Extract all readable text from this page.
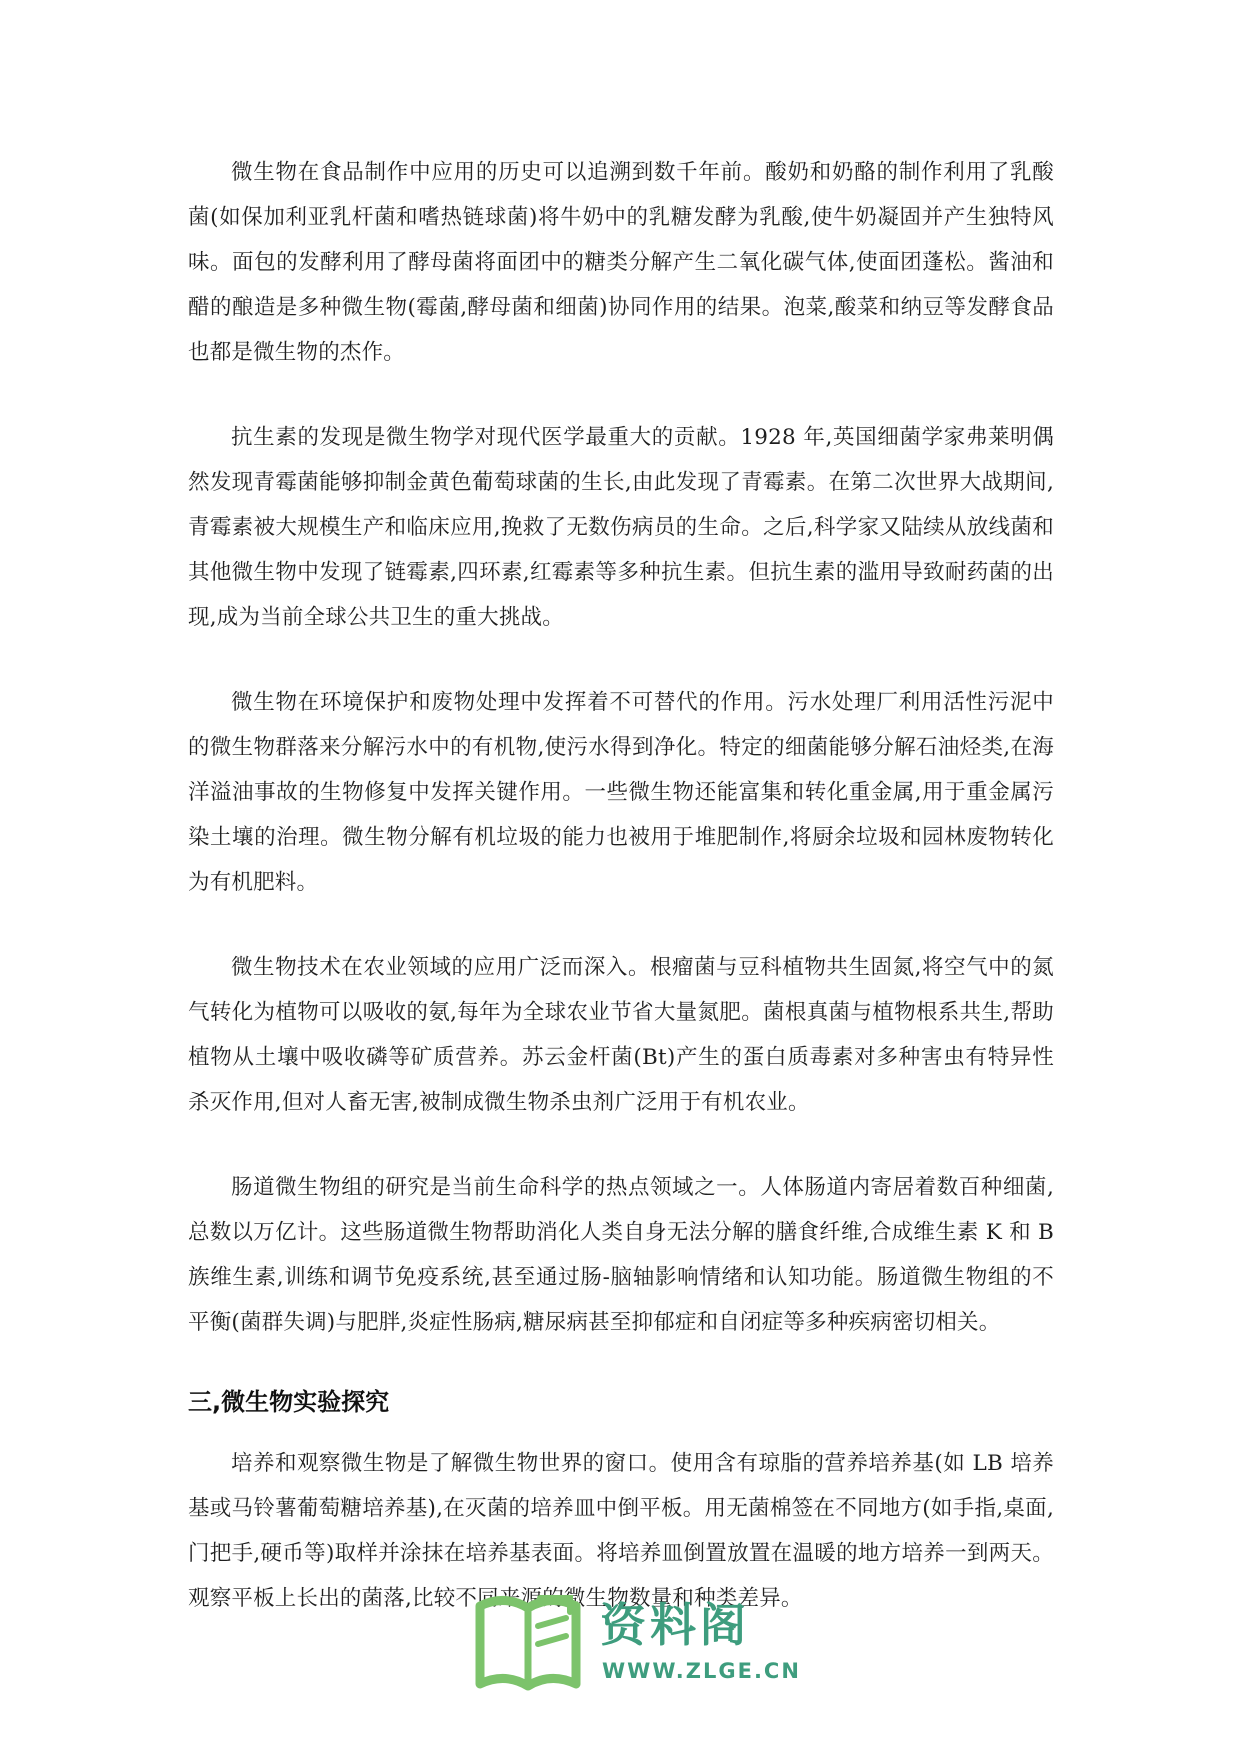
微生物在食品制作中应用的历史可以追溯到数千年前。酸奶和奶酪的制作利用了乳酸菌(如保加利亚乳杆菌和嗜热链球菌)将牛奶中的乳糖发酵为乳酸,使牛奶凝固并产生独特风味。面包的发酵利用了酵母菌将面团中的糖类分解产生二氧化碳气体,使面团蓬松。酱油和醋的酿造是多种微生物(霉菌,酵母菌和细菌)协同作用的结果。泡菜,酸菜和纳豆等发酵食品也都是微生物的杰作。

抗生素的发现是微生物学对现代医学最重大的贡献。1928 年,英国细菌学家弗莱明偶然发现青霉菌能够抑制金黄色葡萄球菌的生长,由此发现了青霉素。在第二次世界大战期间,青霉素被大规模生产和临床应用,挽救了无数伤病员的生命。之后,科学家又陆续从放线菌和其他微生物中发现了链霉素,四环素,红霉素等多种抗生素。但抗生素的滥用导致耐药菌的出现,成为当前全球公共卫生的重大挑战。

微生物在环境保护和废物处理中发挥着不可替代的作用。污水处理厂利用活性污泥中的微生物群落来分解污水中的有机物,使污水得到净化。特定的细菌能够分解石油烃类,在海洋溢油事故的生物修复中发挥关键作用。一些微生物还能富集和转化重金属,用于重金属污染土壤的治理。微生物分解有机垃圾的能力也被用于堆肥制作,将厨余垃圾和园林废物转化为有机肥料。

微生物技术在农业领域的应用广泛而深入。根瘤菌与豆科植物共生固氮,将空气中的氮气转化为植物可以吸收的氨,每年为全球农业节省大量氮肥。菌根真菌与植物根系共生,帮助植物从土壤中吸收磷等矿质营养。苏云金杆菌(Bt)产生的蛋白质毒素对多种害虫有特异性杀灭作用,但对人畜无害,被制成微生物杀虫剂广泛用于有机农业。

肠道微生物组的研究是当前生命科学的热点领域之一。人体肠道内寄居着数百种细菌,总数以万亿计。这些肠道微生物帮助消化人类自身无法分解的膳食纤维,合成维生素 K 和 B 族维生素,训练和调节免疫系统,甚至通过肠-脑轴影响情绪和认知功能。肠道微生物组的不平衡(菌群失调)与肥胖,炎症性肠病,糖尿病甚至抑郁症和自闭症等多种疾病密切相关。

三,微生物实验探究

培养和观察微生物是了解微生物世界的窗口。使用含有琼脂的营养培养基(如 LB 培养基或马铃薯葡萄糖培养基),在灭菌的培养皿中倒平板。用无菌棉签在不同地方(如手指,桌面,门把手,硬币等)取样并涂抹在培养基表面。将培养皿倒置放置在温暖的地方培养一到两天。观察平板上长出的菌落,比较不同来源的微生物数量和种类差异。

资料阁
WWW.ZLGE.CN
